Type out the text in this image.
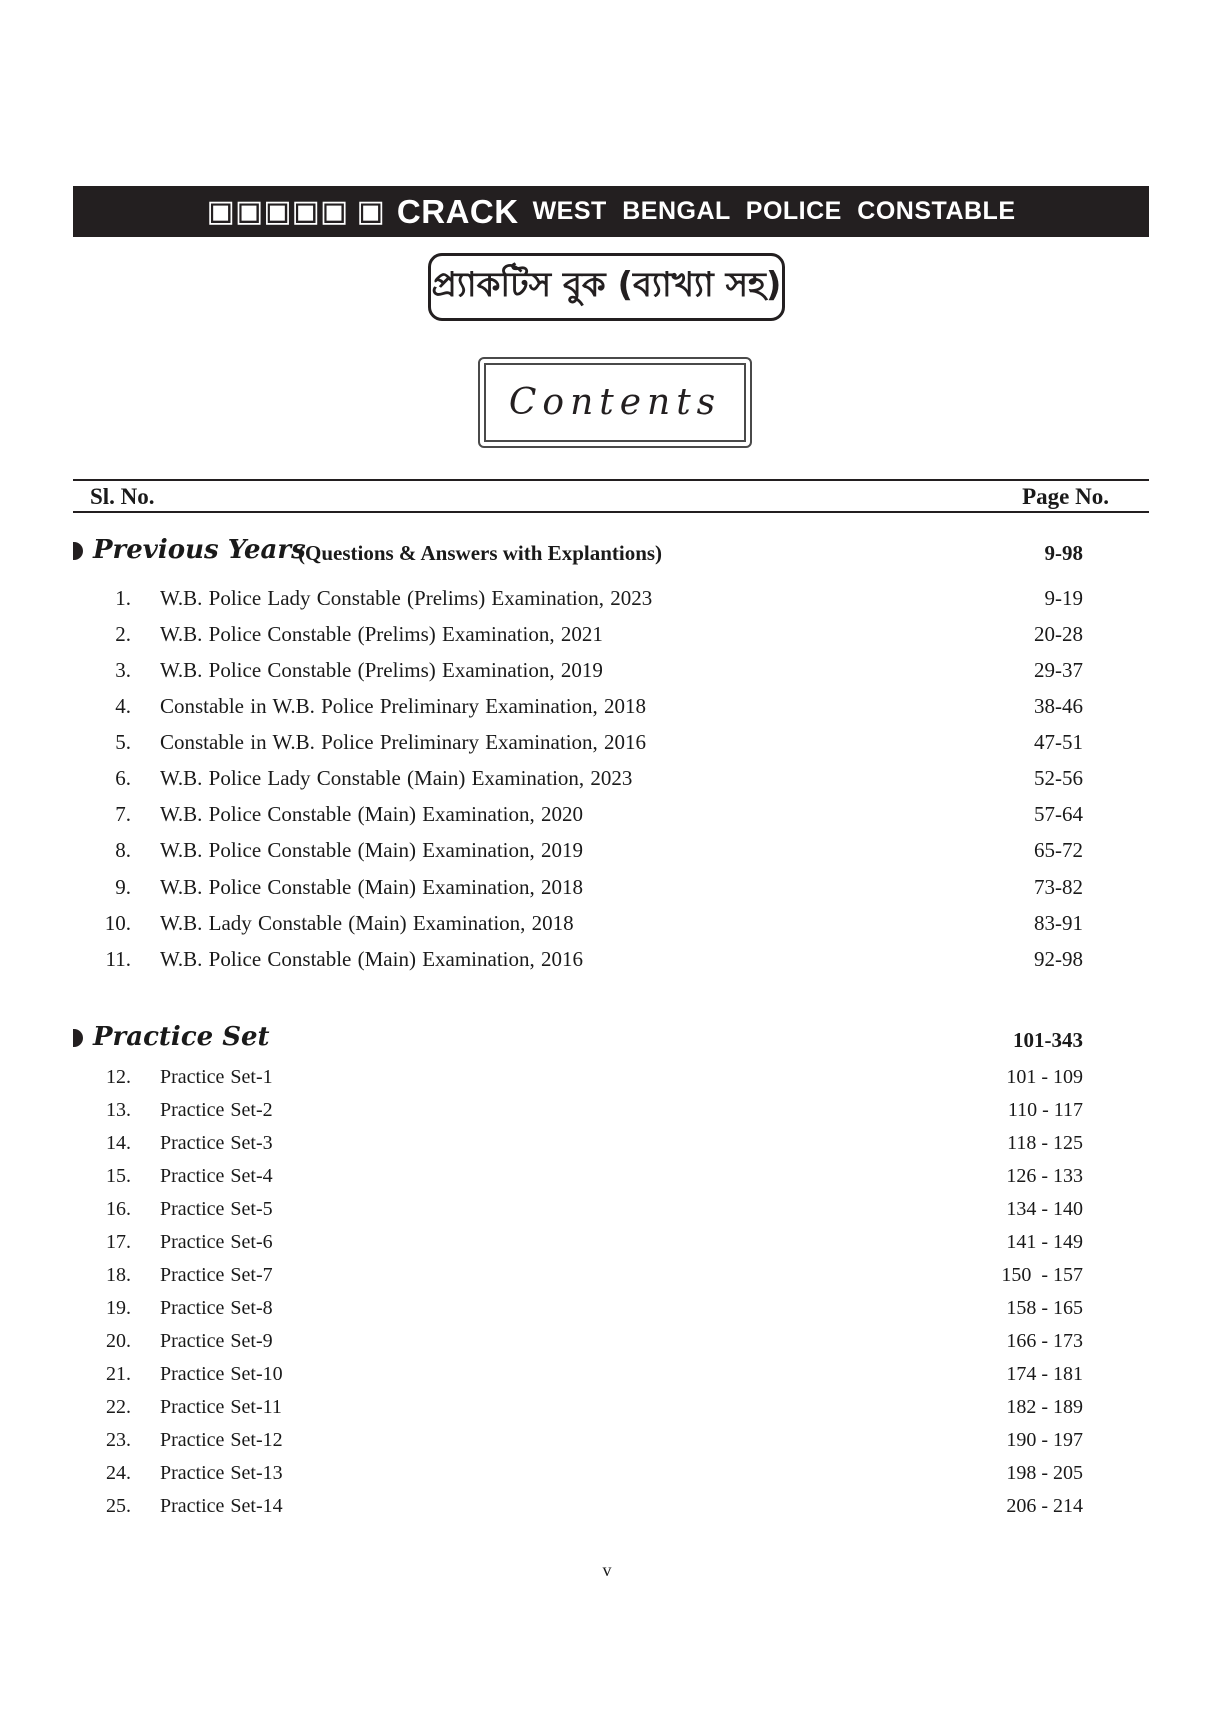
▣▣▣▣▣ ▣ CRACK WEST BENGAL POLICE CONSTABLE
প্র্যাকটিস বুক (ব্যাখ্যা সহ)
Contents
Sl. No.	Page No.
Previous Years
(Questions & Answers with Explantions)	9-98
1. W.B. Police Lady Constable (Prelims) Examination, 2023	9-19
2. W.B. Police Constable (Prelims) Examination, 2021	20-28
3. W.B. Police Constable (Prelims) Examination, 2019	29-37
4. Constable in W.B. Police Preliminary Examination, 2018	38-46
5. Constable in W.B. Police Preliminary Examination, 2016	47-51
6. W.B. Police Lady Constable (Main) Examination, 2023	52-56
7. W.B. Police Constable (Main) Examination, 2020	57-64
8. W.B. Police Constable (Main) Examination, 2019	65-72
9. W.B. Police Constable (Main) Examination, 2018	73-82
10. W.B. Lady Constable (Main) Examination, 2018	83-91
11. W.B. Police Constable (Main) Examination, 2016	92-98
Practice Set	101-343
12. Practice Set-1	101 - 109
13. Practice Set-2	110 - 117
14. Practice Set-3	118 - 125
15. Practice Set-4	126 - 133
16. Practice Set-5	134 - 140
17. Practice Set-6	141 - 149
18. Practice Set-7	150  - 157
19. Practice Set-8	158 - 165
20. Practice Set-9	166 - 173
21. Practice Set-10	174 - 181
22. Practice Set-11	182 - 189
23. Practice Set-12	190 - 197
24. Practice Set-13	198 - 205
25. Practice Set-14	206 - 214
v
